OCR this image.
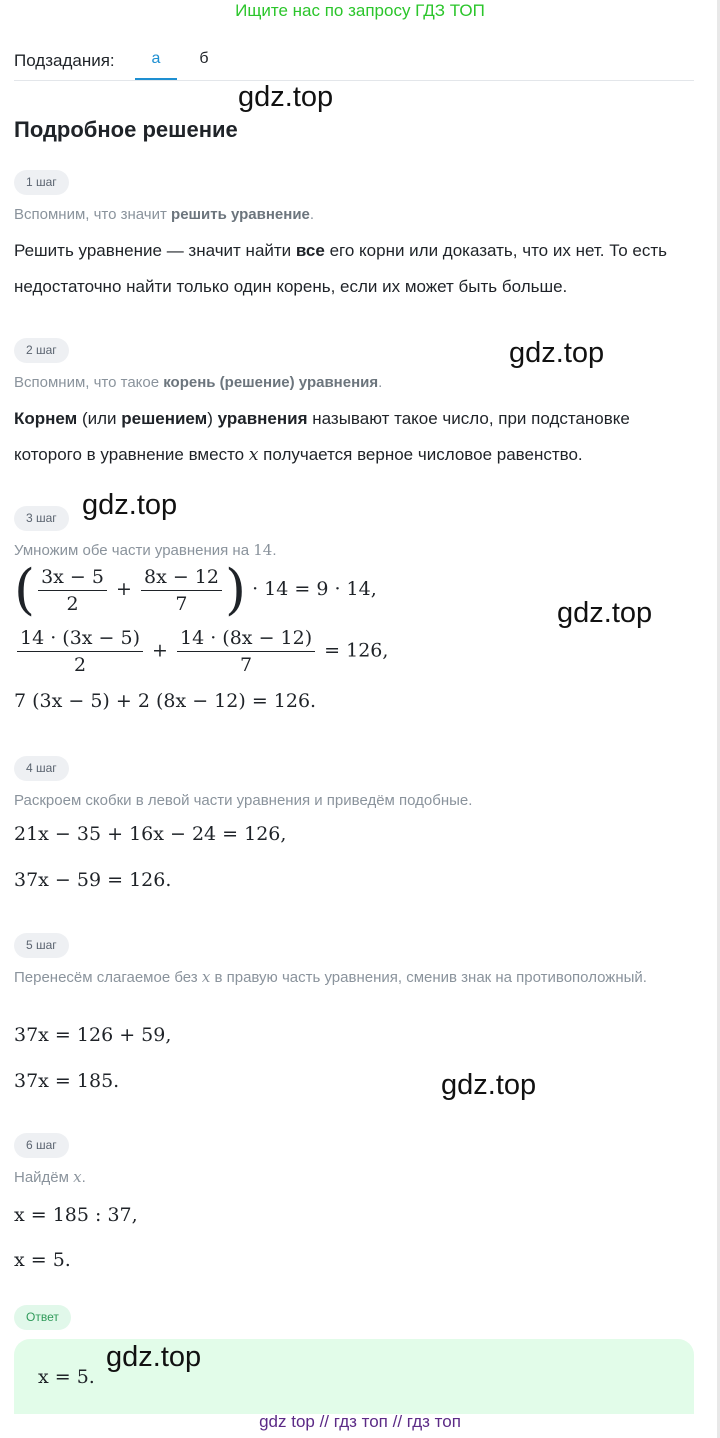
Ищите нас по запросу ГДЗ ТОП
Подзадания:	а	б
Подробное решение
1 шаг
Вспомним, что значит решить уравнение.
Решить уравнение — значит найти все его корни или доказать, что их нет. То есть недостаточно найти только один корень, если их может быть больше.
2 шаг
Вспомним, что такое корень (решение) уравнения.
Корнем (или решением) уравнения называют такое число, при подстановке которого в уравнение вместо x получается верное числовое равенство.
3 шаг
Умножим обе части уравнения на 14.
( $\frac{3x - 5}{2} + \frac{8x - 12}{7}$ ) · 14 = 9 · 14,
$\frac{14 \cdot (3x - 5)}{2} + \frac{14 \cdot (8x - 12)}{7} = 126$,
7 (3x − 5) + 2 (8x − 12) = 126.
4 шаг
Раскроем скобки в левой части уравнения и приведём подобные.
21x − 35 + 16x − 24 = 126,
37x − 59 = 126.
5 шаг
Перенесём слагаемое без x в правую часть уравнения, сменив знак на противоположный.
37x = 126 + 59,
37x = 185.
6 шаг
Найдём x.
x = 185 : 37,
x = 5.
Ответ
x = 5.
gdz.top
gdz.top
gdz.top
gdz.top
gdz.top
gdz.top
gdz top // гдз топ // гдз топ
